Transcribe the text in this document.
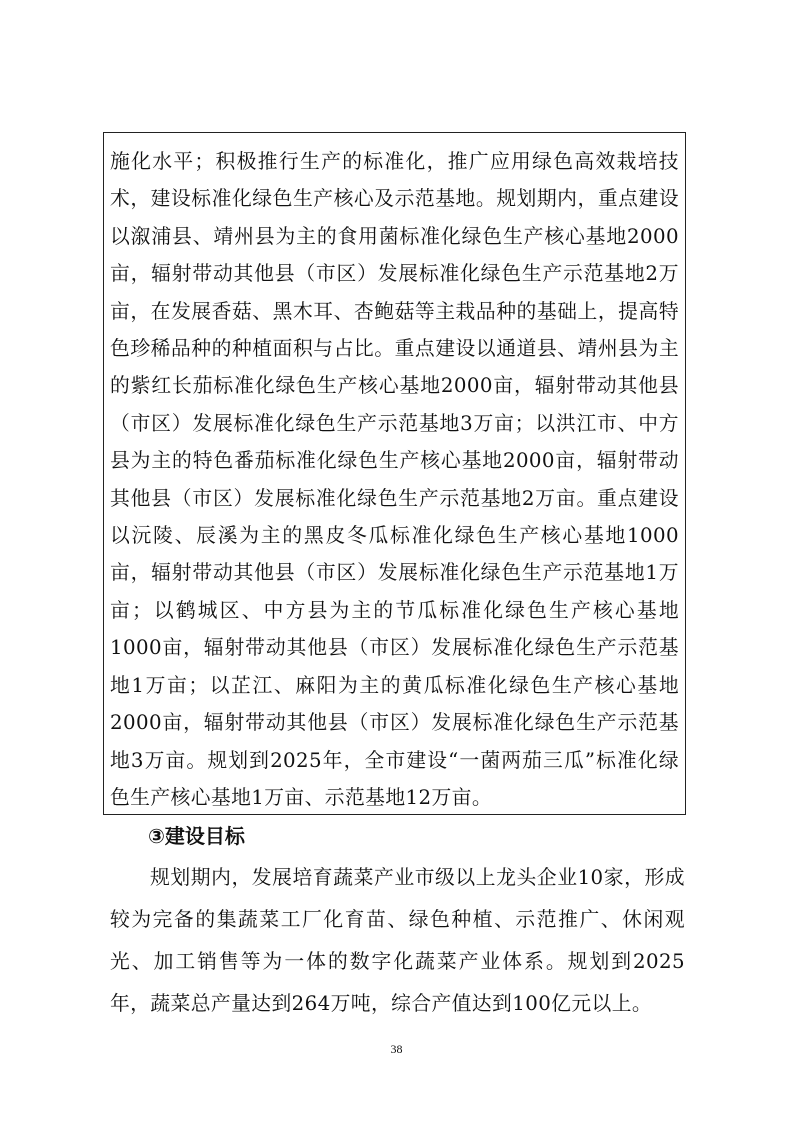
施化水平；积极推行生产的标准化，推广应用绿色高效栽培技术，建设标准化绿色生产核心及示范基地。规划期内，重点建设以溆浦县、靖州县为主的食用菌标准化绿色生产核心基地2000亩，辐射带动其他县（市区）发展标准化绿色生产示范基地2万亩，在发展香菇、黑木耳、杏鲍菇等主栽品种的基础上，提高特色珍稀品种的种植面积与占比。重点建设以通道县、靖州县为主的紫红长茄标准化绿色生产核心基地2000亩，辐射带动其他县（市区）发展标准化绿色生产示范基地3万亩；以洪江市、中方县为主的特色番茄标准化绿色生产核心基地2000亩，辐射带动其他县（市区）发展标准化绿色生产示范基地2万亩。重点建设以沅陵、辰溪为主的黑皮冬瓜标准化绿色生产核心基地1000亩，辐射带动其他县（市区）发展标准化绿色生产示范基地1万亩；以鹤城区、中方县为主的节瓜标准化绿色生产核心基地1000亩，辐射带动其他县（市区）发展标准化绿色生产示范基地1万亩；以芷江、麻阳为主的黄瓜标准化绿色生产核心基地2000亩，辐射带动其他县（市区）发展标准化绿色生产示范基地3万亩。规划到2025年，全市建设“一菌两茄三瓜”标准化绿色生产核心基地1万亩、示范基地12万亩。

③建设目标

规划期内，发展培育蔬菜产业市级以上龙头企业10家，形成较为完备的集蔬菜工厂化育苗、绿色种植、示范推广、休闲观光、加工销售等为一体的数字化蔬菜产业体系。规划到2025年，蔬菜总产量达到264万吨，综合产值达到100亿元以上。

38
